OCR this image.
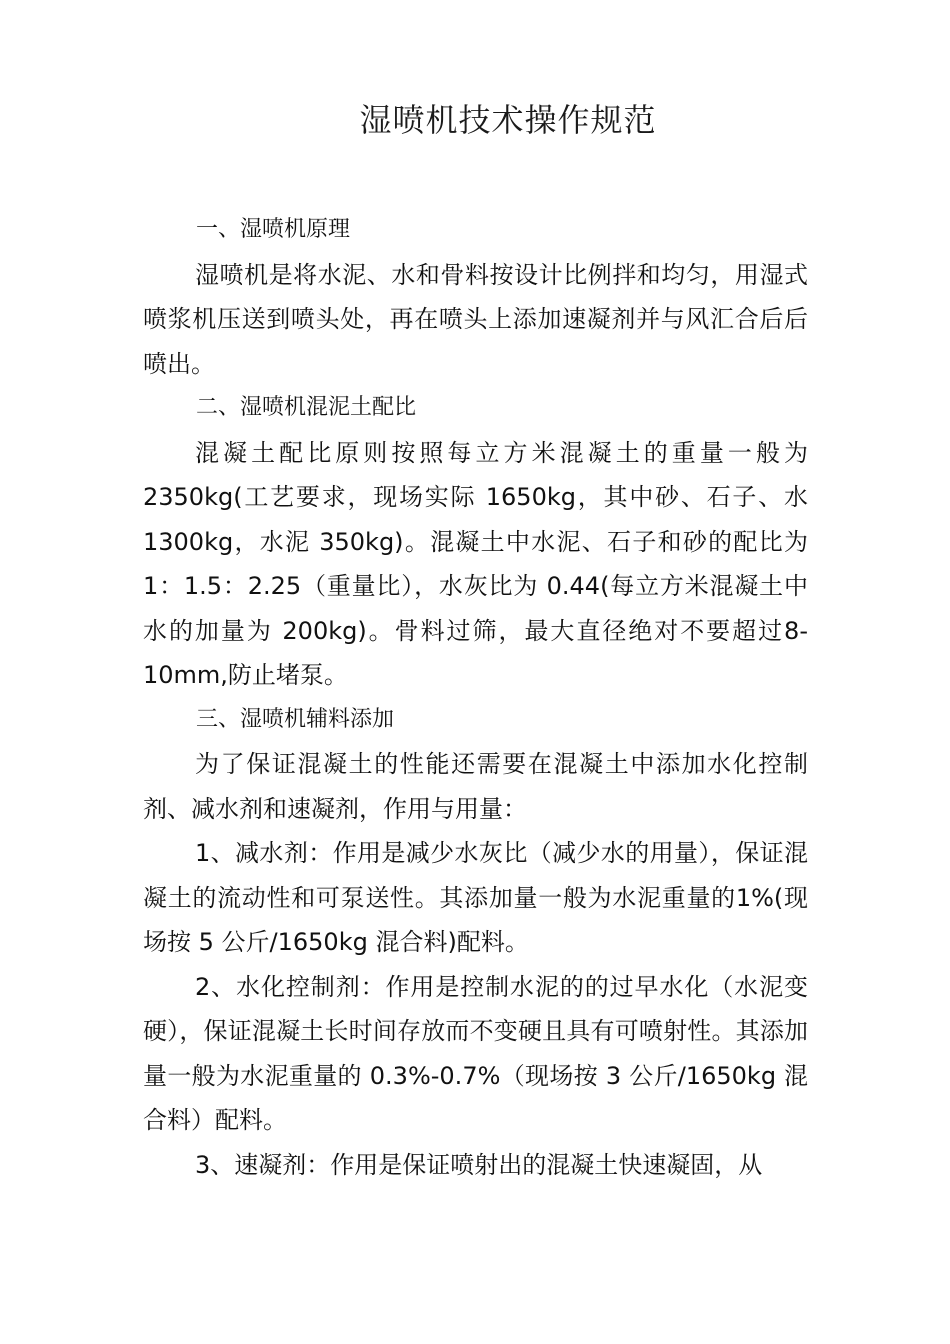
湿喷机技术操作规范

一、湿喷机原理

湿喷机是将水泥、水和骨料按设计比例拌和均匀，用湿式喷浆机压送到喷头处，再在喷头上添加速凝剂并与风汇合后后喷出。

二、湿喷机混泥土配比

混凝土配比原则按照每立方米混凝土的重量一般为2350kg(工艺要求，现场实际 1650kg，其中砂、石子、水1300kg，水泥 350kg)。混凝土中水泥、石子和砂的配比为1：1.5：2.25（重量比），水灰比为 0.44(每立方米混凝土中水的加量为 200kg)。骨料过筛，最大直径绝对不要超过8-10mm,防止堵泵。

三、湿喷机辅料添加

为了保证混凝土的性能还需要在混凝土中添加水化控制剂、减水剂和速凝剂，作用与用量：

1、减水剂：作用是减少水灰比（减少水的用量），保证混凝土的流动性和可泵送性。其添加量一般为水泥重量的1%(现场按 5 公斤/1650kg 混合料)配料。

2、水化控制剂：作用是控制水泥的的过早水化（水泥变硬），保证混凝土长时间存放而不变硬且具有可喷射性。其添加量一般为水泥重量的 0.3%-0.7%（现场按 3 公斤/1650kg 混合料）配料。

3、速凝剂：作用是保证喷射出的混凝土快速凝固，从
